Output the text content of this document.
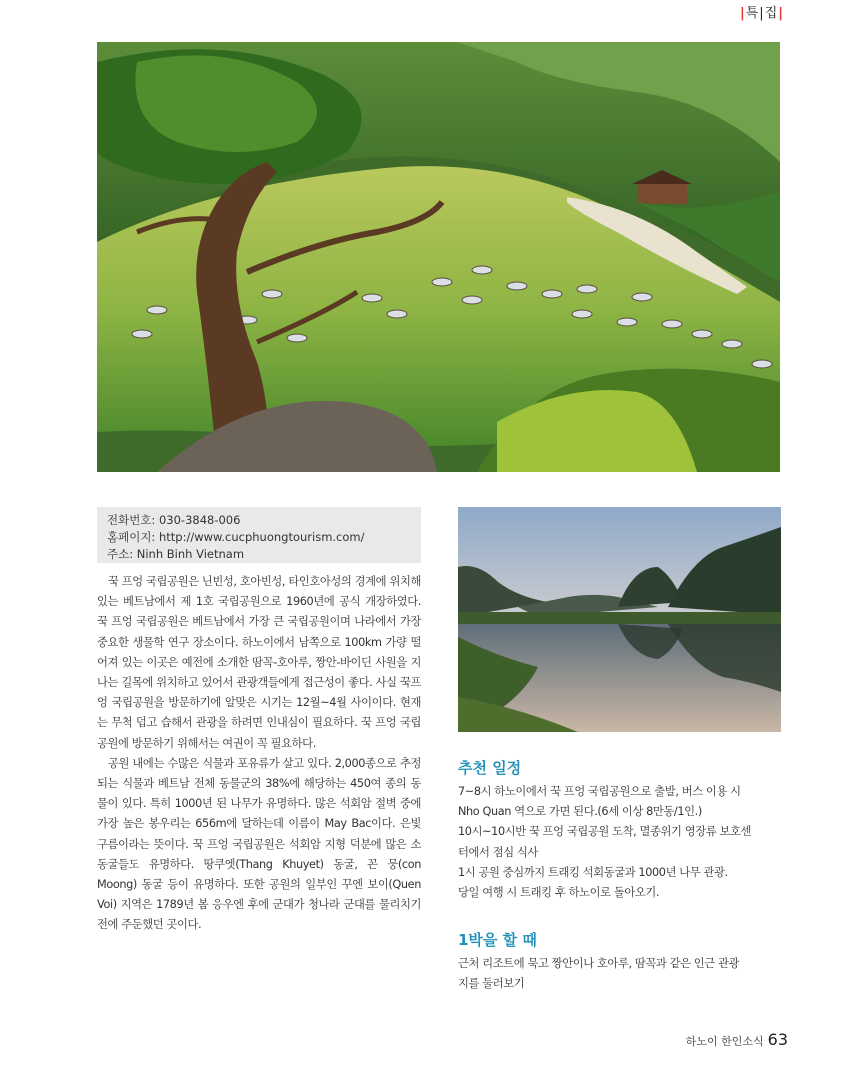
|특|집|
전화번호: 030-3848-006
홈페이지: http://www.cucphuongtourism.com/
주소: Ninh Binh Vietnam

꾹 프엉 국립공원은 닌빈성, 호아빈성, 타인호아성의 경계에 위치해 있는 베트남에서 제 1호 국립공원으로 1960년에 공식 개장하였다. 꾹 프엉 국립공원은 베트남에서 가장 큰 국립공원이며 나라에서 가장 중요한 생물학 연구 장소이다. 하노이에서 남쪽으로 100km 가량 떨어져 있는 이곳은 예전에 소개한 땀꼭-호아루, 짱안-바이딘 사원을 지나는 길목에 위치하고 있어서 관광객들에게 접근성이 좋다. 사실 꾹프엉 국립공원을 방문하기에 알맞은 시기는 12월~4월 사이이다. 현재는 무척 덥고 습해서 관광을 하려면 인내심이 필요하다. 꾹 프엉 국립공원에 방문하기 위해서는 여권이 꼭 필요하다.

공원 내에는 수많은 식물과 포유류가 살고 있다. 2,000종으로 추정되는 식물과 베트남 전체 동물군의 38%에 해당하는 450여 종의 동물이 있다. 특히 1000년 된 나무가 유명하다. 많은 석회암 절벽 중에 가장 높은 봉우리는 656m에 달하는데 이름이 May Bac이다. 은빛 구름이라는 뜻이다. 꾹 프엉 국립공원은 석회암 지형 덕분에 많은 소동굴들도 유명하다. 땅쿠엣(Thang Khuyet) 동굴, 꼰 뭉(con Moong) 동굴 등이 유명하다. 또한 공원의 일부인 꾸엔 보이(Quen Voi) 지역은 1789년 봄 응우엔 후에 군대가 청나라 군대를 물리치기 전에 주둔했던 곳이다.

추천 일정
7~8시 하노이에서 꾹 프엉 국립공원으로 출발, 버스 이용 시
Nho Quan 역으로 가면 된다.(6세 이상 8만동/1인.)
10시~10시반 꾹 프엉 국립공원 도착, 멸종위기 영장류 보호센
터에서 점심 식사
1시 공원 중심까지 트래킹 석회동굴과 1000년 나무 관광.
당일 여행 시 트래킹 후 하노이로 돌아오기.
1박을 할 때
근처 리조트에 묵고 짱안이나 호아루, 땀꼭과 같은 인근 관광
지를 둘러보기
하노이 한인소식 63
